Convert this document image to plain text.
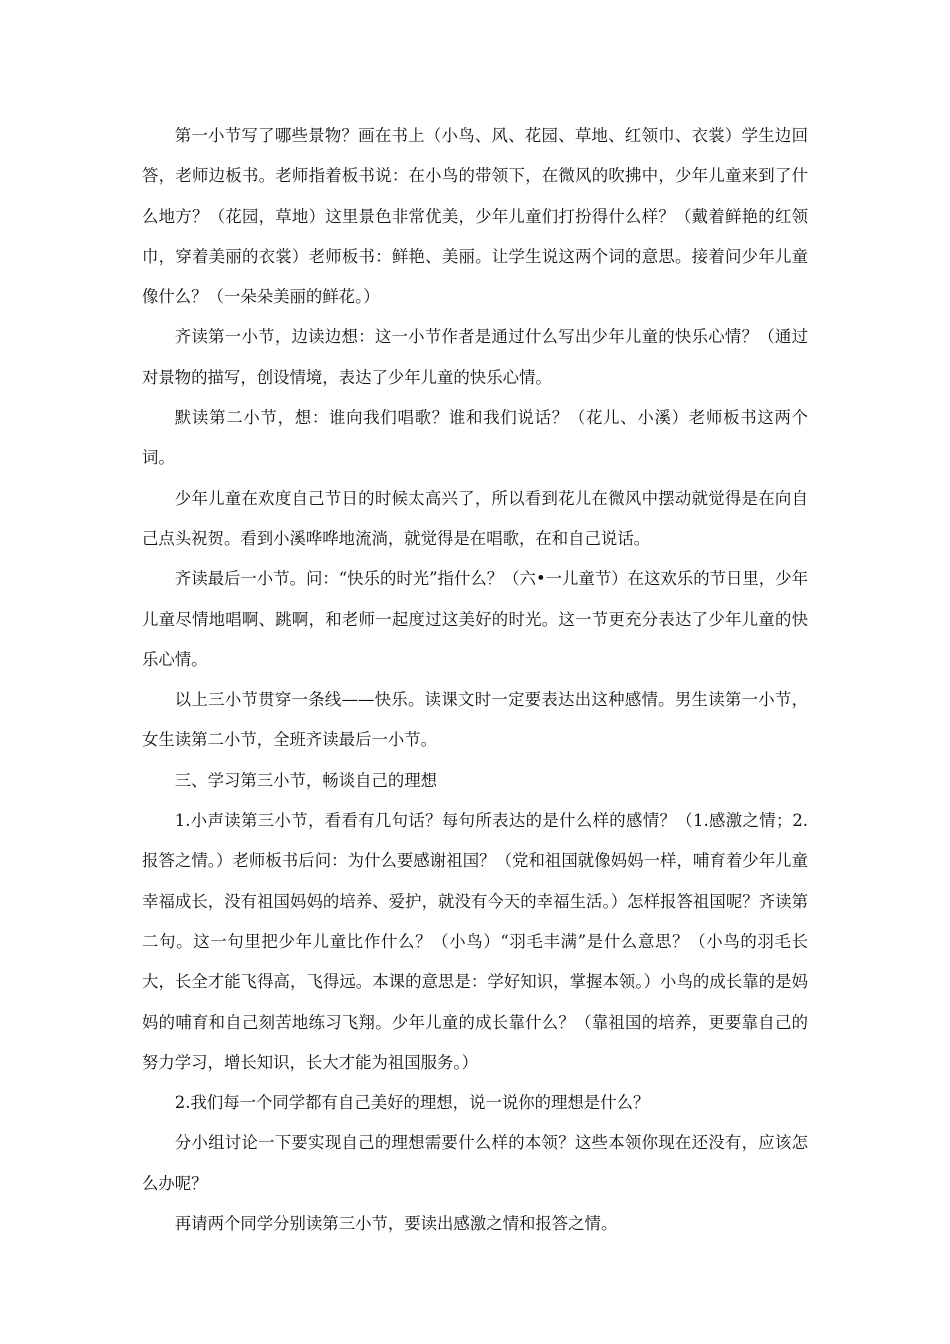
第一小节写了哪些景物？画在书上（小鸟、风、花园、草地、红领巾、衣裳）学生边回答，老师边板书。老师指着板书说：在小鸟的带领下，在微风的吹拂中，少年儿童来到了什么地方？（花园，草地）这里景色非常优美，少年儿童们打扮得什么样？（戴着鲜艳的红领巾，穿着美丽的衣裳）老师板书：鲜艳、美丽。让学生说这两个词的意思。接着问少年儿童像什么？（一朵朵美丽的鲜花。）

齐读第一小节，边读边想：这一小节作者是通过什么写出少年儿童的快乐心情？（通过对景物的描写，创设情境，表达了少年儿童的快乐心情。

默读第二小节，想：谁向我们唱歌？谁和我们说话？（花儿、小溪）老师板书这两个词。

少年儿童在欢度自己节日的时候太高兴了，所以看到花儿在微风中摆动就觉得是在向自己点头祝贺。看到小溪哗哗地流淌，就觉得是在唱歌，在和自己说话。

齐读最后一小节。问：“快乐的时光”指什么？（六•一儿童节）在这欢乐的节日里，少年儿童尽情地唱啊、跳啊，和老师一起度过这美好的时光。这一节更充分表达了少年儿童的快乐心情。

以上三小节贯穿一条线——快乐。读课文时一定要表达出这种感情。男生读第一小节，女生读第二小节，全班齐读最后一小节。

三、学习第三小节，畅谈自己的理想

1.小声读第三小节，看看有几句话？每句所表达的是什么样的感情？（1.感激之情；2.报答之情。）老师板书后问：为什么要感谢祖国？（党和祖国就像妈妈一样，哺育着少年儿童幸福成长，没有祖国妈妈的培养、爱护，就没有今天的幸福生活。）怎样报答祖国呢？齐读第二句。这一句里把少年儿童比作什么？（小鸟）“羽毛丰满”是什么意思？（小鸟的羽毛长大，长全才能飞得高，飞得远。本课的意思是：学好知识，掌握本领。）小鸟的成长靠的是妈妈的哺育和自己刻苦地练习飞翔。少年儿童的成长靠什么？（靠祖国的培养，更要靠自己的努力学习，增长知识，长大才能为祖国服务。）

2.我们每一个同学都有自己美好的理想，说一说你的理想是什么？

分小组讨论一下要实现自己的理想需要什么样的本领？这些本领你现在还没有，应该怎么办呢？

再请两个同学分别读第三小节，要读出感激之情和报答之情。
